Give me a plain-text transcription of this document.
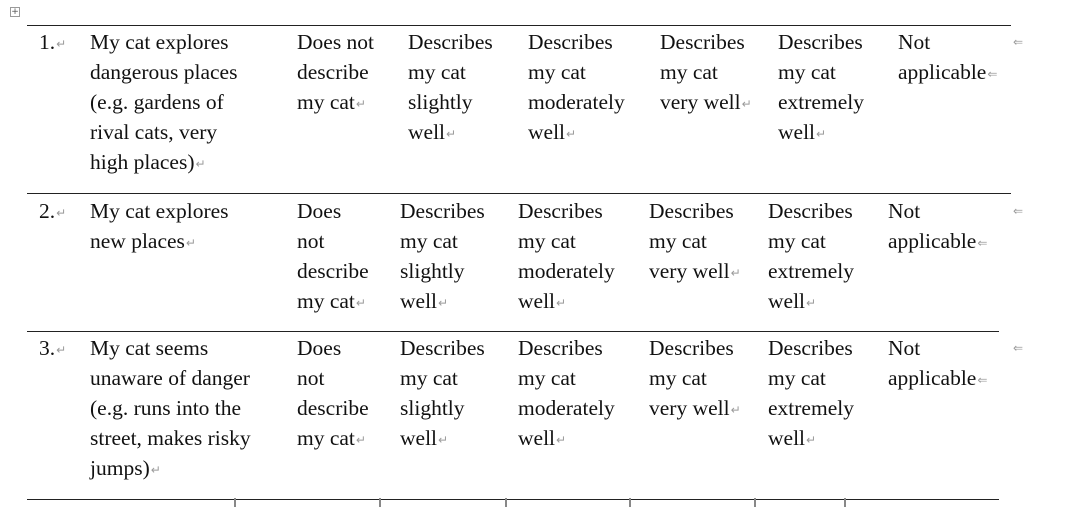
+
1.↵ My cat explores
dangerous places
(e.g. gardens of
rival cats, very
high places)↵
Does not
describe
my cat↵
Describes
my cat
slightly
well↵
Describes
my cat
moderately
well↵
Describes
my cat
very well↵
Describes
my cat
extremely
well↵
Not
applicable⇐
⇐
2.↵ My cat explores
new places↵
Does
not
describe
my cat↵
Describes
my cat
slightly
well↵
Describes
my cat
moderately
well↵
Describes
my cat
very well↵
Describes
my cat
extremely
well↵
Not
applicable⇐
⇐
3.↵ My cat seems
unaware of danger
(e.g. runs into the
street, makes risky
jumps)↵
Does
not
describe
my cat↵
Describes
my cat
slightly
well↵
Describes
my cat
moderately
well↵
Describes
my cat
very well↵
Describes
my cat
extremely
well↵
Not
applicable⇐
⇐
